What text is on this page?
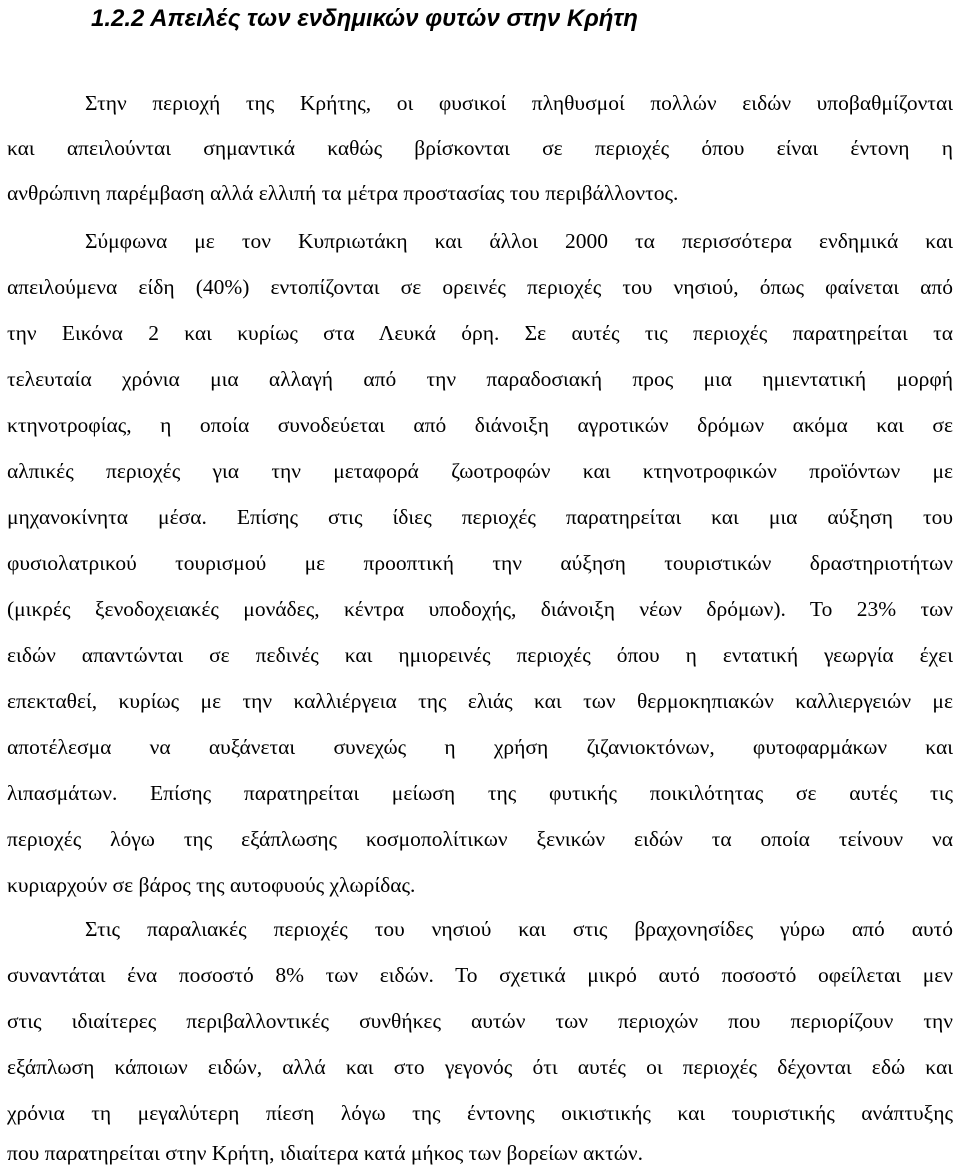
1.2.2 Απειλές των ενδημικών φυτών στην Κρήτη
Στην περιοχή της Κρήτης, οι φυσικοί πληθυσμοί πολλών ειδών υποβαθμίζονται
και απειλούνται σημαντικά καθώς βρίσκονται σε περιοχές όπου είναι έντονη η
ανθρώπινη παρέμβαση αλλά ελλιπή τα μέτρα προστασίας του περιβάλλοντος.
Σύμφωνα με τον Κυπριωτάκη και άλλοι 2000 τα περισσότερα ενδημικά και
απειλούμενα είδη (40%) εντοπίζονται σε ορεινές περιοχές του νησιού, όπως φαίνεται από
την Εικόνα 2 και κυρίως στα Λευκά όρη. Σε αυτές τις περιοχές παρατηρείται τα
τελευταία χρόνια μια αλλαγή από την παραδοσιακή προς μια ημιεντατική μορφή
κτηνοτροφίας, η οποία συνοδεύεται από διάνοιξη αγροτικών δρόμων ακόμα και σε
αλπικές περιοχές για την μεταφορά ζωοτροφών και κτηνοτροφικών προϊόντων με
μηχανοκίνητα μέσα. Επίσης στις ίδιες περιοχές παρατηρείται και μια αύξηση του
φυσιολατρικού τουρισμού με προοπτική την αύξηση τουριστικών δραστηριοτήτων
(μικρές ξενοδοχειακές μονάδες, κέντρα υποδοχής, διάνοιξη νέων δρόμων). Το 23% των
ειδών απαντώνται σε πεδινές και ημιορεινές περιοχές όπου η εντατική γεωργία έχει
επεκταθεί, κυρίως με την καλλιέργεια της ελιάς και των θερμοκηπιακών καλλιεργειών με
αποτέλεσμα να αυξάνεται συνεχώς η χρήση ζιζανιοκτόνων, φυτοφαρμάκων και
λιπασμάτων. Επίσης παρατηρείται μείωση της φυτικής ποικιλότητας σε αυτές τις
περιοχές λόγω της εξάπλωσης κοσμοπολίτικων ξενικών ειδών τα οποία τείνουν να
κυριαρχούν σε βάρος της αυτοφυούς χλωρίδας.
Στις παραλιακές περιοχές του νησιού και στις βραχονησίδες γύρω από αυτό
συναντάται ένα ποσοστό 8% των ειδών. Το σχετικά μικρό αυτό ποσοστό οφείλεται μεν
στις ιδιαίτερες περιβαλλοντικές συνθήκες αυτών των περιοχών που περιορίζουν την
εξάπλωση κάποιων ειδών, αλλά και στο γεγονός ότι αυτές οι περιοχές δέχονται εδώ και
χρόνια τη μεγαλύτερη πίεση λόγω της έντονης οικιστικής και τουριστικής ανάπτυξης
που παρατηρείται στην Κρήτη, ιδιαίτερα κατά μήκος των βορείων ακτών.
